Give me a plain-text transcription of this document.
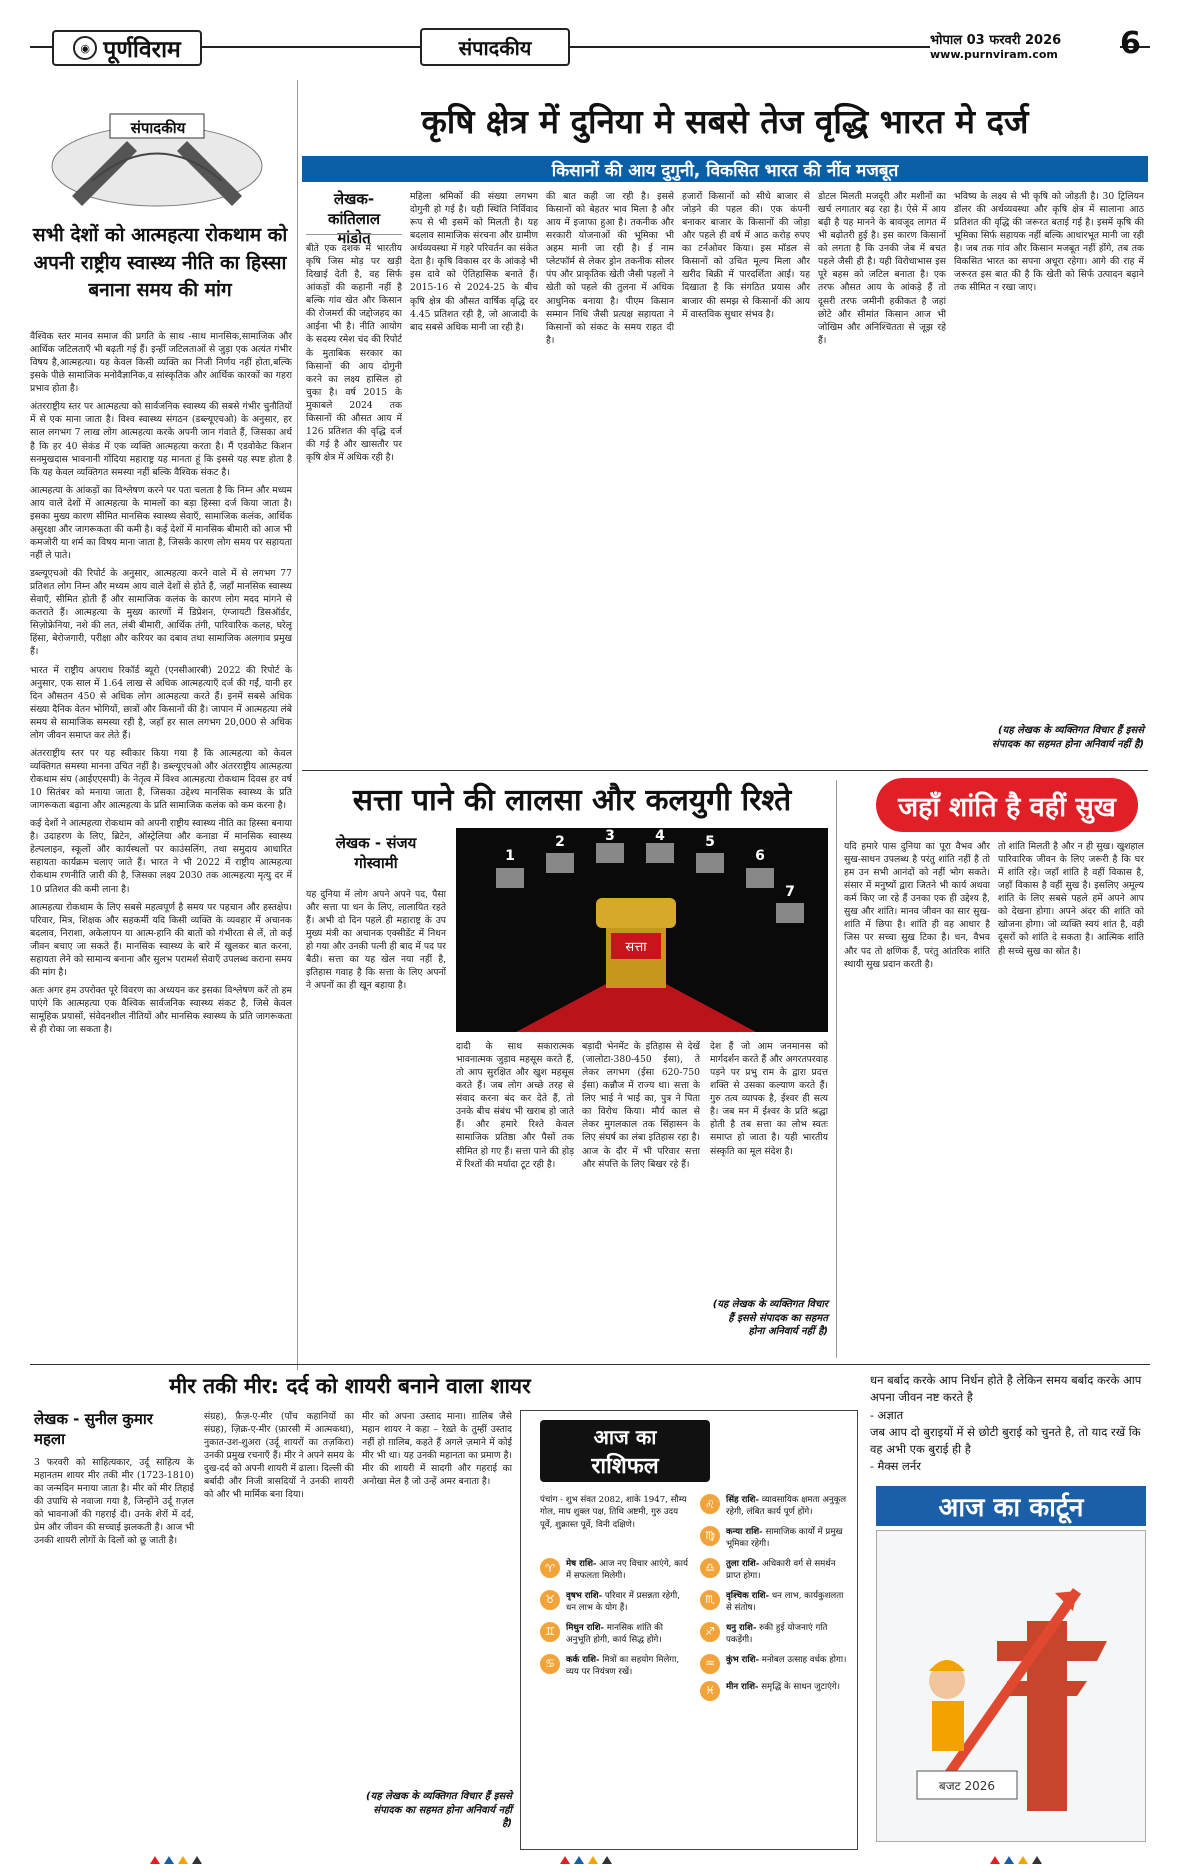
◉ पूर्णविराम	संपादकीय	भोपाल 03 फरवरी 2026
www.purnviram.com	6
संपादकीय
सभी देशों को आत्महत्या रोकथाम को अपनी राष्ट्रीय स्वास्थ्य नीति का हिस्सा बनाना समय की मांग

वैश्विक स्तर मानव समाज की प्रगति के साथ -साथ मानसिक,सामाजिक और आर्थिक जटिलताएँ भी बढ़ती गई हैं। इन्हीं जटिलताओं से जुड़ा एक अत्यंत गंभीर विषय है,आत्महत्या। यह केवल किसी व्यक्ति का निजी निर्णय नहीं होता,बल्कि इसके पीछे सामाजिक मनोवैज्ञानिक,व सांस्कृतिक और आर्थिक कारकों का गहरा प्रभाव होता है।

अंतरराष्ट्रीय स्तर पर आत्महत्या को सार्वजनिक स्वास्थ्य की सबसे गंभीर चुनौतियों में से एक माना जाता है। विश्व स्वास्थ्य संगठन (डब्ल्यूएचओ) के अनुसार, हर साल लगभग 7 लाख लोग आत्महत्या करके अपनी जान गंवाते हैं, जिसका अर्थ है कि हर 40 सेकंड में एक व्यक्ति आत्महत्या करता है। मैं एडवोकेट किशन सनमुखदास भावनानी गोंदिया महाराष्ट्र यह मानता हूं कि इससे यह स्पष्ट होता है कि यह केवल व्यक्तिगत समस्या नहीं बल्कि वैश्विक संकट है।

आत्महत्या के आंकड़ों का विश्लेषण करने पर पता चलता है कि निम्न और मध्यम आय वाले देशों में आत्महत्या के मामलों का बड़ा हिस्सा दर्ज किया जाता है। इसका मुख्य कारण सीमित मानसिक स्वास्थ्य सेवाएँ, सामाजिक कलंक, आर्थिक असुरक्षा और जागरूकता की कमी है। कई देशों में मानसिक बीमारी को आज भी कमजोरी या शर्म का विषय माना जाता है, जिसके कारण लोग समय पर सहायता नहीं ले पाते।

डब्ल्यूएचओ की रिपोर्ट के अनुसार, आत्महत्या करने वाले में से लगभग 77 प्रतिशत लोग निम्न और मध्यम आय वाले देशों से होते हैं, जहाँ मानसिक स्वास्थ्य सेवाएँ, सीमित होती हैं और सामाजिक कलंक के कारण लोग मदद मांगने से कतराते हैं। आत्महत्या के मुख्य कारणों में डिप्रेशन, एंग्जायटी डिसऑर्डर, सिज़ोफ्रेनिया, नशे की लत, लंबी बीमारी, आर्थिक तंगी, पारिवारिक कलह, घरेलू हिंसा, बेरोजगारी, परीक्षा और करियर का दबाव तथा सामाजिक अलगाव प्रमुख हैं।

भारत में राष्ट्रीय अपराध रिकॉर्ड ब्यूरो (एनसीआरबी) 2022 की रिपोर्ट के अनुसार, एक साल में 1.64 लाख से अधिक आत्महत्याएँ दर्ज की गईं, यानी हर दिन औसतन 450 से अधिक लोग आत्महत्या करते हैं। इनमें सबसे अधिक संख्या दैनिक वेतन भोगियों, छात्रों और किसानों की है। जापान में आत्महत्या लंबे समय से सामाजिक समस्या रही है, जहाँ हर साल लगभग 20,000 से अधिक लोग जीवन समाप्त कर लेते हैं।

अंतरराष्ट्रीय स्तर पर यह स्वीकार किया गया है कि आत्महत्या को केवल व्यक्तिगत समस्या मानना उचित नहीं है। डब्ल्यूएचओ और अंतरराष्ट्रीय आत्महत्या रोकथाम संघ (आईएएसपी) के नेतृत्व में विश्व आत्महत्या रोकथाम दिवस हर वर्ष 10 सितंबर को मनाया जाता है, जिसका उद्देश्य मानसिक स्वास्थ्य के प्रति जागरूकता बढ़ाना और आत्महत्या के प्रति सामाजिक कलंक को कम करना है।

कई देशों ने आत्महत्या रोकथाम को अपनी राष्ट्रीय स्वास्थ्य नीति का हिस्सा बनाया है। उदाहरण के लिए, ब्रिटेन, ऑस्ट्रेलिया और कनाडा में मानसिक स्वास्थ्य हेल्पलाइन, स्कूलों और कार्यस्थलों पर काउंसलिंग, तथा समुदाय आधारित सहायता कार्यक्रम चलाए जाते हैं। भारत ने भी 2022 में राष्ट्रीय आत्महत्या रोकथाम रणनीति जारी की है, जिसका लक्ष्य 2030 तक आत्महत्या मृत्यु दर में 10 प्रतिशत की कमी लाना है।

आत्महत्या रोकथाम के लिए सबसे महत्वपूर्ण है समय पर पहचान और हस्तक्षेप। परिवार, मित्र, शिक्षक और सहकर्मी यदि किसी व्यक्ति के व्यवहार में अचानक बदलाव, निराशा, अकेलापन या आत्म-हानि की बातों को गंभीरता से लें, तो कई जीवन बचाए जा सकते हैं। मानसिक स्वास्थ्य के बारे में खुलकर बात करना, सहायता लेने को सामान्य बनाना और सुलभ परामर्श सेवाएँ उपलब्ध कराना समय की मांग है।

अतः अगर हम उपरोक्त पूरे विवरण का अध्ययन कर इसका विश्लेषण करें तो हम पाएंगे कि आत्महत्या एक वैश्विक सार्वजनिक स्वास्थ्य संकट है, जिसे केवल सामूहिक प्रयासों, संवेदनशील नीतियों और मानसिक स्वास्थ्य के प्रति जागरूकता से ही रोका जा सकता है।

कृषि क्षेत्र में दुनिया मे सबसे तेज वृद्धि भारत मे दर्ज
किसानों की आय दुगुनी, विकसित भारत की नींव मजबूत
लेखक- कांतिलाल
मांडोत
बीते एक दशक में भारतीय कृषि जिस मोड़ पर खड़ी दिखाई देती है, वह सिर्फ आंकड़ों की कहानी नहीं है बल्कि गांव खेत और किसान की रोजमर्रा की जद्दोजहद का आईना भी है। नीति आयोग के सदस्य रमेश चंद की रिपोर्ट के मुताबिक सरकार का किसानों की आय दोगुनी करने का लक्ष्य हासिल हो चुका है। वर्ष 2015 के मुकाबले 2024 तक किसानों की औसत आय में 126 प्रतिशत की वृद्धि दर्ज की गई है और खासतौर पर कृषि क्षेत्र में अधिक रही है।
महिला श्रमिकों की संख्या लगभग दोगुनी हो गई है। यही स्थिति निर्विवाद रूप से भी इसमें को मिलती है। यह बदलाव सामाजिक संरचना और ग्रामीण अर्थव्यवस्था में गहरे परिवर्तन का संकेत देता है। कृषि विकास दर के आंकड़े भी इस दावे को ऐतिहासिक बनाते हैं। 2015-16 से 2024-25 के बीच कृषि क्षेत्र की औसत वार्षिक वृद्धि दर 4.45 प्रतिशत रही है, जो आजादी के बाद सबसे अधिक मानी जा रही है।
की बात कही जा रही है। इससे किसानों को बेहतर भाव मिला है और आय में इजाफा हुआ है। तकनीक और सरकारी योजनाओं की भूमिका भी अहम मानी जा रही है। ई नाम प्लेटफॉर्म से लेकर ड्रोन तकनीक सोलर पंप और प्राकृतिक खेती जैसी पहलों ने खेती को पहले की तुलना में अधिक आधुनिक बनाया है। पीएम किसान सम्मान निधि जैसी प्रत्यक्ष सहायता ने किसानों को संकट के समय राहत दी है।
हजारों किसानों को सीधे बाजार से जोड़ने की पहल की। एक कंपनी बनाकर बाजार के किसानों की जोड़ा और पहले ही वर्ष में आठ करोड़ रुपए का टर्नओवर किया। इस मॉडल से किसानों को उचित मूल्य मिला और खरीद बिक्री में पारदर्शिता आई। यह दिखाता है कि संगठित प्रयास और बाजार की समझ से किसानों की आय में वास्तविक सुधार संभव है।
डोटल मिलती मजदूरी और मशीनों का खर्च लगातार बढ़ रहा है। ऐसे में आय बढ़ी है यह मानने के बावजूद लागत में भी बढ़ोतरी हुई है। इस कारण किसानों को लगता है कि उनकी जेब में बचत पहले जैसी ही है। यही विरोधाभास इस पूरे बहस को जटिल बनाता है। एक तरफ औसत आय के आंकड़े हैं तो दूसरी तरफ जमीनी हकीकत है जहां छोटे और सीमांत किसान आज भी जोखिम और अनिश्चितता से जूझ रहे हैं।
भविष्य के लक्ष्य से भी कृषि को जोड़ती है। 30 ट्रिलियन डॉलर की अर्थव्यवस्था और कृषि क्षेत्र में सालाना आठ प्रतिशत की वृद्धि की जरूरत बताई गई है। इसमें कृषि की भूमिका सिर्फ सहायक नहीं बल्कि आधारभूत मानी जा रही है। जब तक गांव और किसान मजबूत नहीं होंगे, तब तक विकसित भारत का सपना अधूरा रहेगा। आगे की राह में जरूरत इस बात की है कि खेती को सिर्फ उत्पादन बढ़ाने तक सीमित न रखा जाए।
(यह लेखक के व्यक्तिगत विचार हैं इससे संपादक का सहमत होना अनिवार्य नहीं है)
सत्ता पाने की लालसा और कलयुगी रिश्ते
लेखक - संजय
गोस्वामी
सत्ता
1
2	3	4	5
6
7
यह दुनिया में लोग अपने अपने पद, पैसा और सत्ता पा धन के लिए, लालायित रहते हैं। अभी दो दिन पहले ही महाराष्ट्र के उप मुख्य मंत्री का अचानक एक्सीडेंट में निधन हो गया और उनकी पत्नी ही बाद में पद पर बैठी। सत्ता का यह खेल नया नहीं है, इतिहास गवाह है कि सत्ता के लिए अपनों ने अपनों का ही खून बहाया है।
दादी के साथ सकारात्मक भावनात्मक जुड़ाव महसूस करते हैं, तो आप सुरक्षित और खुश महसूस करते हैं। जब लोग अच्छे तरह से संवाद करना बंद कर देते हैं, तो उनके बीच संबंध भी खराब हो जाते हैं। और हमारे रिश्ते केवल सामाजिक प्रतिष्ठा और पैसों तक सीमित हो गए हैं। सत्ता पाने की होड़ में रिश्तों की मर्यादा टूट रही है।
बड़ादी भेनमेंट के इतिहास से देखें (जालोटा-380-450 ईसा), ते लेकर लगभग (ईसा 620-750 ईसा) कन्नौज में राज्य था। सत्ता के लिए भाई ने भाई का, पुत्र ने पिता का विरोध किया। मौर्य काल से लेकर मुगलकाल तक सिंहासन के लिए संघर्ष का लंबा इतिहास रहा है। आज के दौर में भी परिवार सत्ता और संपत्ति के लिए बिखर रहे हैं।
देश हैं जो आम जनमानस को मार्गदर्शन करते हैं और अगरतपरवाह पड़ने पर प्रभु राम के द्वारा प्रदत्त शक्ति से उसका कल्याण करते हैं। गुरु तत्व व्यापक है, ईश्वर ही सत्य है। जब मन में ईश्वर के प्रति श्रद्धा होती है तब सत्ता का लोभ स्वतः समाप्त हो जाता है। यही भारतीय संस्कृति का मूल संदेश है।
(यह लेखक के व्यक्तिगत विचार हैं इससे संपादक का सहमत होना अनिवार्य नहीं है)
जहाँ शांति है वहीं सुख
यदि हमारे पास दुनिया का पूरा वैभव और सुख-साधन उपलब्ध है परंतु शांति नहीं है तो हम उन सभी आनंदों को नहीं भोग सकते। संसार में मनुष्यों द्वारा जितने भी कार्य अथवा कर्म किए जा रहे हैं उनका एक ही उद्देश्य है, सुख और शांति। मानव जीवन का सार सुख-शांति में छिपा है। शांति ही वह आधार है जिस पर सच्चा सुख टिका है। धन, वैभव और पद तो क्षणिक हैं, परंतु आंतरिक शांति स्थायी सुख प्रदान करती है।
तो शांति मिलती है और न ही सुख। खुशहाल पारिवारिक जीवन के लिए जरूरी है कि घर में शांति रहे। जहाँ शांति है वहीं विकास है, जहाँ विकास है वहीं सुख है। इसलिए अमूल्य शांति के लिए सबसे पहले हमें अपने आप को देखना होगा। अपने अंदर की शांति को खोजना होगा। जो व्यक्ति स्वयं शांत है, वही दूसरों को शांति दे सकता है। आत्मिक शांति ही सच्चे सुख का स्रोत है।
मीर तकी मीर: दर्द को शायरी बनाने वाला शायर
लेखक - सुनील कुमार
महला
3 फरवरी को साहित्यकार, उर्दू साहित्य के महानतम शायर मीर तकी मीर (1723-1810) का जन्मदिन मनाया जाता है। मीर को मीर तिहाई की उपाधि से नवाजा गया है, जिन्होंने उर्दू ग़ज़ल को भावनाओं की गहराई दी। उनके शेरों में दर्द, प्रेम और जीवन की सच्चाई झलकती है। आज भी उनकी शायरी लोगों के दिलों को छू जाती है।
संग्रह), फ़ैज़-ए-मीर (पाँच कहानियों का संग्रह), ज़िक्र-ए-मीर (फ़ारसी में आत्मकथा), नुकात-उश-शुअरा (उर्दू शायरों का तज़किरा) उनकी प्रमुख रचनाएँ हैं। मीर ने अपने समय के दुख-दर्द को अपनी शायरी में ढाला। दिल्ली की बर्बादी और निजी त्रासदियों ने उनकी शायरी को और भी मार्मिक बना दिया।
मीर को अपना उस्ताद माना। ग़ालिब जैसे महान शायर ने कहा – रेख़्ते के तुम्हीं उस्ताद नहीं हो ग़ालिब, कहते हैं अगले ज़माने में कोई मीर भी था। यह उनकी महानता का प्रमाण है। मीर की शायरी में सादगी और गहराई का अनोखा मेल है जो उन्हें अमर बनाता है।
(यह लेखक के व्यक्तिगत विचार हैं इससे संपादक का सहमत होना अनिवार्य नहीं है)
धन बर्बाद करके आप निर्धन होते है लेकिन समय बर्बाद करके आप अपना जीवन नष्ट करते है
- अज्ञात
जब आप दो बुराइयों में से छोटी बुराई को चुनते है, तो याद रखें कि वह अभी एक बुराई ही है
- मैक्स लर्नर
आज का
राशिफल
पंचांग - शुभ संवत 2082, शाके 1947, सौम्य गोल, माघ शुक्ल पक्ष, तिथि अष्टमी, गुरु उदय पूर्वे, शुक्रास्त पूर्वे, विनी दक्षिणे।
♈	मेष राशि- आज नए विचार आएंगे, कार्य में सफलता मिलेगी।
♉	वृषभ राशि- परिवार में प्रसन्नता रहेगी, धन लाभ के योग हैं।
♊	मिथुन राशि- मानसिक शांति की अनुभूति होगी, कार्य सिद्ध होंगे।
♋	कर्क राशि- मित्रों का सहयोग मिलेगा, व्यय पर नियंत्रण रखें।
♌	सिंह राशि- व्यावसायिक क्षमता अनुकूल रहेगी, लंबित कार्य पूर्ण होंगे।
♍	कन्या राशि- सामाजिक कार्यों में प्रमुख भूमिका रहेगी।
♎	तुला राशि- अधिकारी वर्ग से समर्थन प्राप्त होगा।
♏	वृश्चिक राशि- धन लाभ, कार्यकुशलता से संतोष।
♐	धनु राशि- रुकी हुई योजनाएं गति पकड़ेंगी।
♒	कुंभ राशि- मनोबल उत्साह वर्धक होगा।
♓	मीन राशि- समृद्धि के साधन जुटाएंगे।
आज का कार्टून
बजट 2026
